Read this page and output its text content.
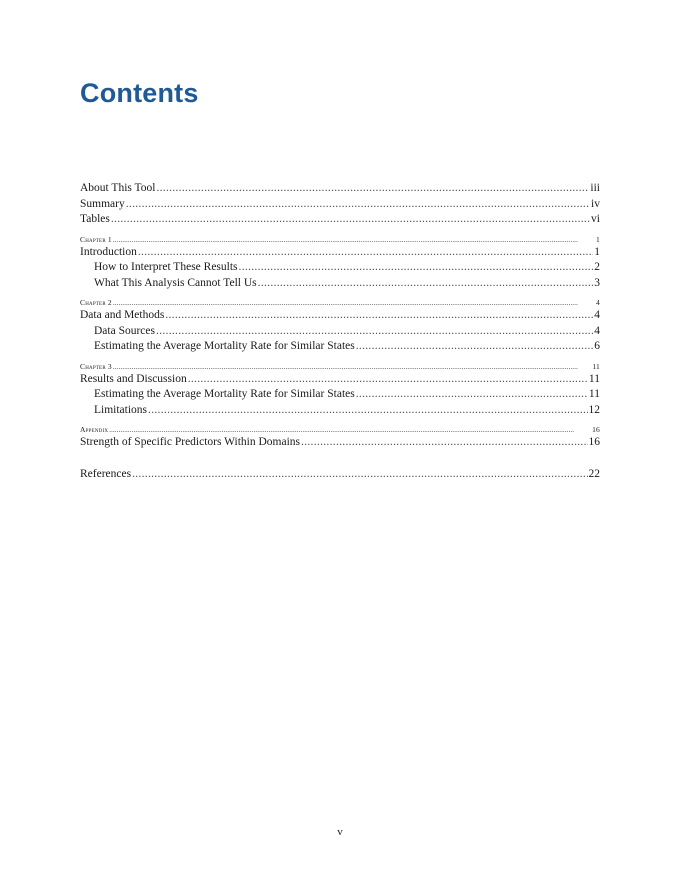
Contents
About This Tool .....	iii
Summary .....	iv
Tables .....	vi
Chapter 1 .....	1
Introduction .....	1
How to Interpret These Results .....	2
What This Analysis Cannot Tell Us .....	3
Chapter 2 .....	4
Data and Methods .....	4
Data Sources .....	4
Estimating the Average Mortality Rate for Similar States .....	6
Chapter 3 .....	11
Results and Discussion .....	11
Estimating the Average Mortality Rate for Similar States .....	11
Limitations .....	12
Appendix .....	16
Strength of Specific Predictors Within Domains .....	16
References .....	22
v
